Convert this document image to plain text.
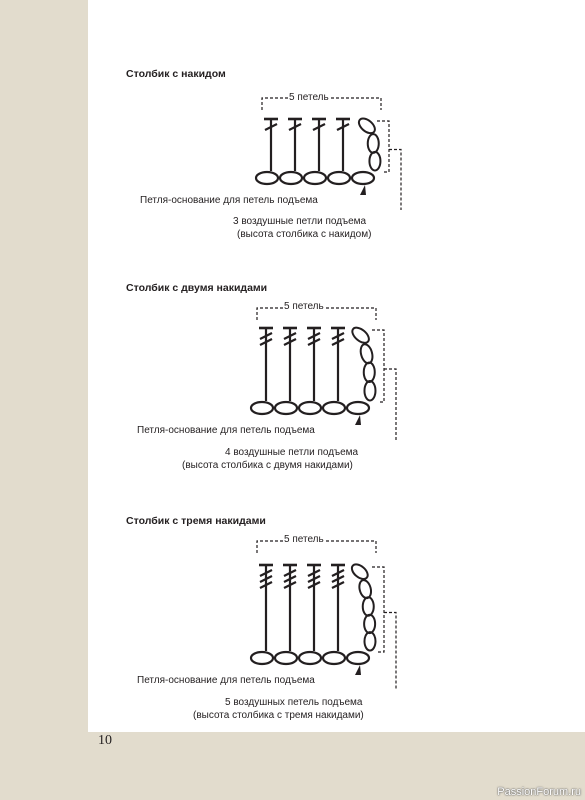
Столбик с накидом
5 петель
Петля-основание для петель подъема
3 воздушные петли подъема
(высота столбика с накидом)
Столбик с двумя накидами
5 петель
Петля-основание для петель подъема
4 воздушные петли подъема
(высота столбика с двумя накидами)
Столбик с тремя накидами
5 петель
Петля-основание для петель подъема
5 воздушных петель подъема
(высота столбика с тремя накидами)
10
PassionForum.ru
